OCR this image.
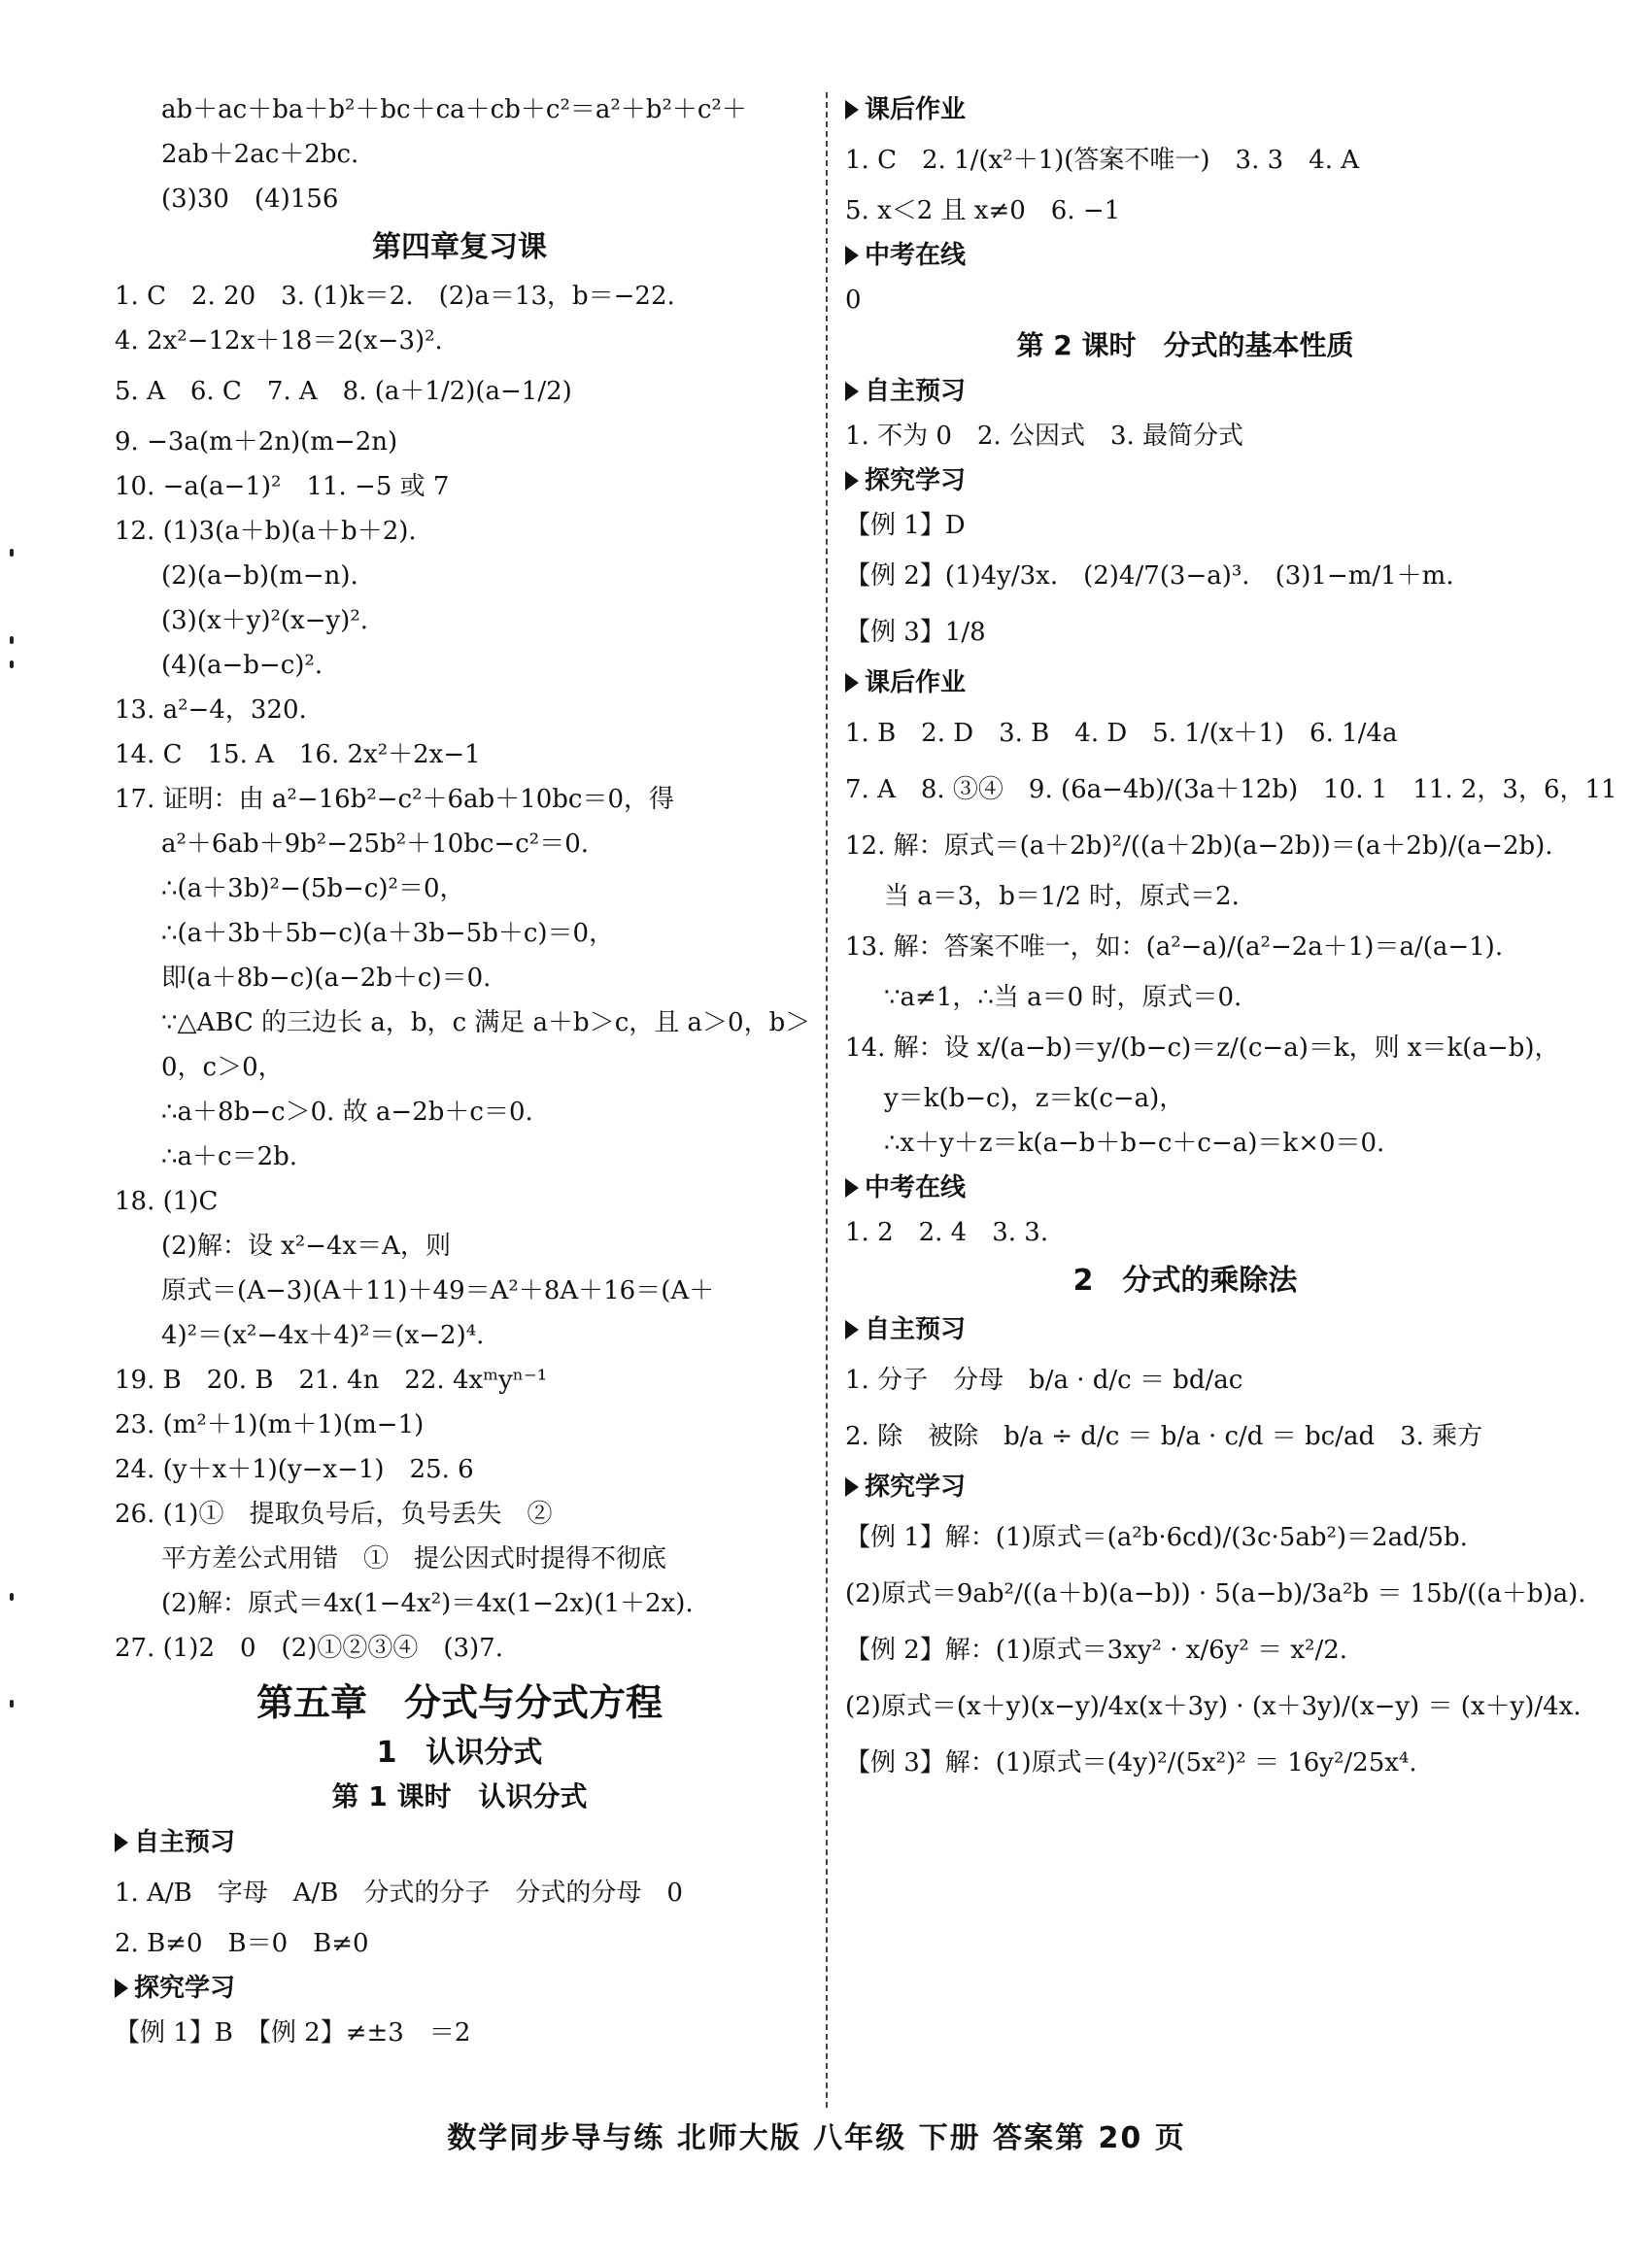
ab＋ac＋ba＋b²＋bc＋ca＋cb＋c²＝a²＋b²＋c²＋

2ab＋2ac＋2bc.

(3)30　(4)156

第四章复习课

1. C　2. 20　3. (1)k＝2.　(2)a＝13，b＝−22.

4. 2x²−12x＋18＝2(x−3)².

5. A　6. C　7. A　8. (a＋1/2)(a−1/2)

9. −3a(m＋2n)(m−2n)

10. −a(a−1)²　11. −5 或 7

12. (1)3(a＋b)(a＋b＋2).

(2)(a−b)(m−n).

(3)(x＋y)²(x−y)².

(4)(a−b−c)².

13. a²−4，320.

14. C　15. A　16. 2x²＋2x−1

17. 证明：由 a²−16b²−c²＋6ab＋10bc＝0，得

a²＋6ab＋9b²−25b²＋10bc−c²＝0.

∴(a＋3b)²−(5b−c)²＝0，

∴(a＋3b＋5b−c)(a＋3b−5b＋c)＝0，

即(a＋8b−c)(a−2b＋c)＝0.

∵△ABC 的三边长 a，b，c 满足 a＋b＞c，且 a＞0，b＞

0，c＞0，

∴a＋8b−c＞0. 故 a−2b＋c＝0.

∴a＋c＝2b.

18. (1)C

(2)解：设 x²−4x＝A，则

原式＝(A−3)(A＋11)＋49＝A²＋8A＋16＝(A＋

4)²＝(x²−4x＋4)²＝(x−2)⁴.

19. B　20. B　21. 4n　22. 4xᵐyⁿ⁻¹

23. (m²＋1)(m＋1)(m−1)

24. (y＋x＋1)(y−x−1)　25. 6

26. (1)①　提取负号后，负号丢失　②

平方差公式用错　①　提公因式时提得不彻底

(2)解：原式＝4x(1−4x²)＝4x(1−2x)(1＋2x).

27. (1)2　0　(2)①②③④　(3)7.

第五章　分式与分式方程
1　认识分式
第 1 课时　认识分式
自主预习

1. A/B　字母　A/B　分式的分子　分式的分母　0

2. B≠0　B＝0　B≠0

探究学习

【例 1】B　【例 2】≠±3　＝2

课后作业

1. C　2. 1/(x²＋1)(答案不唯一)　3. 3　4. A

5. x＜2 且 x≠0　6. −1

中考在线

0

第 2 课时　分式的基本性质
自主预习

1. 不为 0　2. 公因式　3. 最简分式

探究学习

【例 1】D

【例 2】(1)4y/3x.　(2)4/7(3−a)³.　(3)1−m/1＋m.

【例 3】1/8

课后作业

1. B　2. D　3. B　4. D　5. 1/(x＋1)　6. 1/4a

7. A　8. ③④　9. (6a−4b)/(3a＋12b)　10. 1　11. 2，3，6，11

12. 解：原式＝(a＋2b)²/((a＋2b)(a−2b))＝(a＋2b)/(a−2b).

当 a＝3，b＝1/2 时，原式＝2.

13. 解：答案不唯一，如：(a²−a)/(a²−2a＋1)＝a/(a−1).

∵a≠1，∴当 a＝0 时，原式＝0.

14. 解：设 x/(a−b)＝y/(b−c)＝z/(c−a)＝k，则 x＝k(a−b)，

y＝k(b−c)，z＝k(c−a)，

∴x＋y＋z＝k(a−b＋b−c＋c−a)＝k×0＝0.

中考在线

1. 2　2. 4　3. 3.

2　分式的乘除法
自主预习

1. 分子　分母　b/a · d/c ＝ bd/ac

2. 除　被除　b/a ÷ d/c ＝ b/a · c/d ＝ bc/ad　3. 乘方

探究学习

【例 1】解：(1)原式＝(a²b·6cd)/(3c·5ab²)＝2ad/5b.

(2)原式＝9ab²/((a＋b)(a−b)) · 5(a−b)/3a²b ＝ 15b/((a＋b)a).

【例 2】解：(1)原式＝3xy² · x/6y² ＝ x²/2.

(2)原式＝(x＋y)(x−y)/4x(x＋3y) · (x＋3y)/(x−y) ＝ (x＋y)/4x.

【例 3】解：(1)原式＝(4y)²/(5x²)² ＝ 16y²/25x⁴.

数学同步导与练 北师大版 八年级 下册 答案第 20 页
